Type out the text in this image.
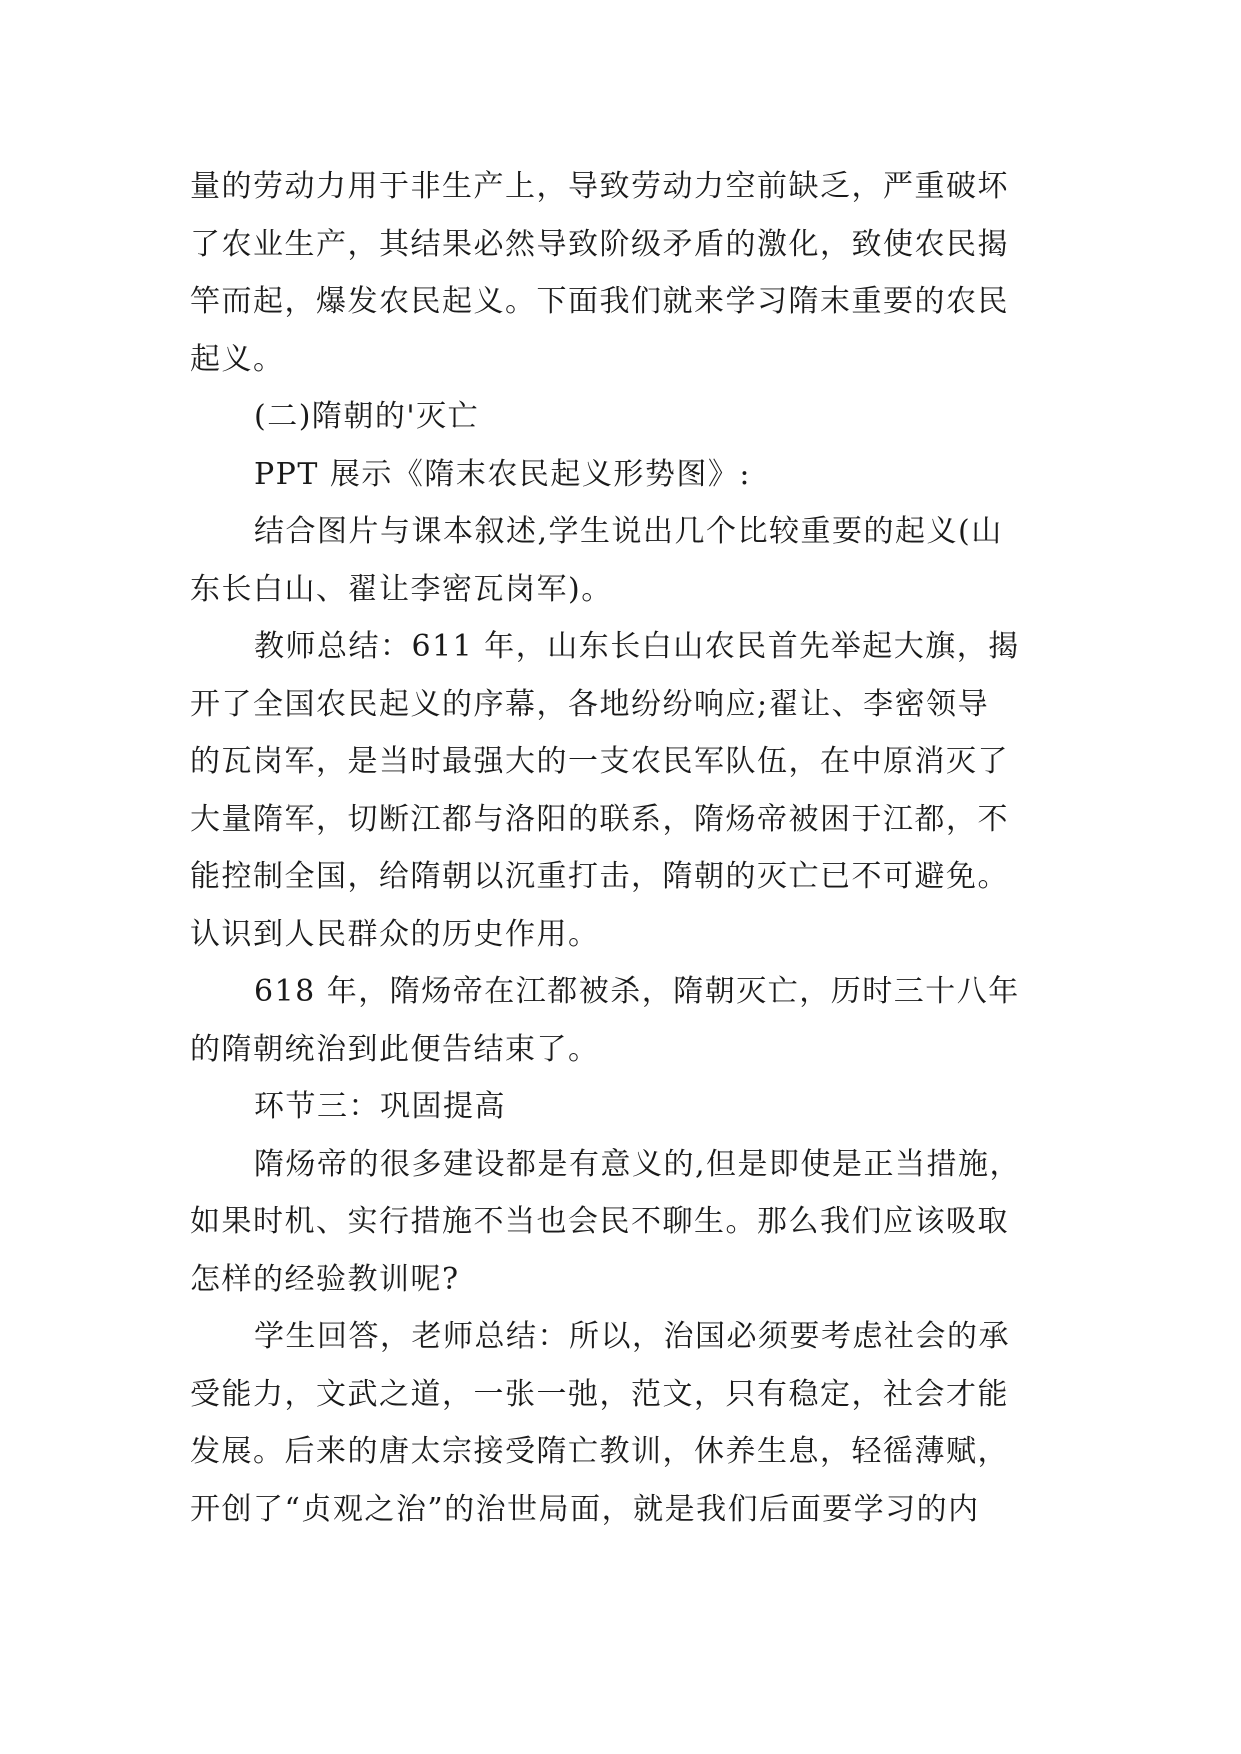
量的劳动力用于非生产上，导致劳动力空前缺乏，严重破坏
了农业生产，其结果必然导致阶级矛盾的激化，致使农民揭
竿而起，爆发农民起义。下面我们就来学习隋末重要的农民
起义。
(二)隋朝的'灭亡
PPT 展示《隋末农民起义形势图》:
结合图片与课本叙述,学生说出几个比较重要的起义(山
东长白山、翟让李密瓦岗军)。
教师总结：611 年，山东长白山农民首先举起大旗，揭
开了全国农民起义的序幕，各地纷纷响应;翟让、李密领导
的瓦岗军，是当时最强大的一支农民军队伍，在中原消灭了
大量隋军，切断江都与洛阳的联系，隋炀帝被困于江都，不
能控制全国，给隋朝以沉重打击，隋朝的灭亡已不可避免。
认识到人民群众的历史作用。
618 年，隋炀帝在江都被杀，隋朝灭亡，历时三十八年
的隋朝统治到此便告结束了。
环节三：巩固提高
隋炀帝的很多建设都是有意义的,但是即使是正当措施，
如果时机、实行措施不当也会民不聊生。那么我们应该吸取
怎样的经验教训呢?
学生回答，老师总结：所以，治国必须要考虑社会的承
受能力，文武之道，一张一弛，范文，只有稳定，社会才能
发展。后来的唐太宗接受隋亡教训，休养生息，轻徭薄赋，
开创了“贞观之治”的治世局面，就是我们后面要学习的内
